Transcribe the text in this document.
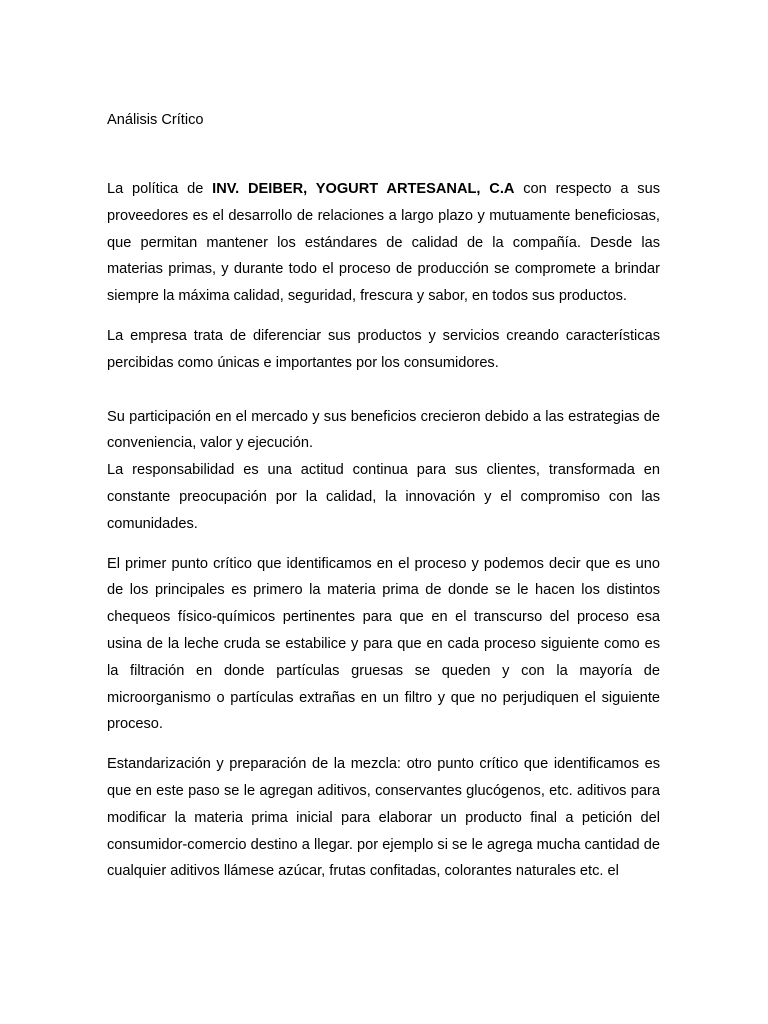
Análisis Crítico

La política de INV. DEIBER, YOGURT ARTESANAL, C.A con respecto a sus proveedores es el desarrollo de relaciones a largo plazo y mutuamente beneficiosas, que permitan mantener los estándares de calidad de la compañía. Desde las materias primas, y durante todo el proceso de producción se compromete a brindar siempre la máxima calidad, seguridad, frescura y sabor, en todos sus productos.

La empresa trata de diferenciar sus productos y servicios creando características percibidas como únicas e importantes por los consumidores.

Su participación en el mercado y sus beneficios crecieron debido a las estrategias de conveniencia, valor y ejecución.

La responsabilidad es una actitud continua para sus clientes, transformada en constante preocupación por la calidad, la innovación y el compromiso con las comunidades.

El primer punto crítico que identificamos en el proceso y podemos decir que es uno de los principales es primero la materia prima de donde se le hacen los distintos chequeos físico-químicos pertinentes para que en el transcurso del proceso esa usina de la leche cruda se estabilice y para que en cada proceso siguiente como es la filtración en donde partículas gruesas se queden y con la mayoría de microorganismo o partículas extrañas en un filtro y que no perjudiquen el siguiente proceso.

Estandarización y preparación de la mezcla: otro punto crítico que identificamos es que en este paso se le agregan aditivos, conservantes glucógenos, etc. aditivos para modificar la materia prima inicial para elaborar un producto final a petición del consumidor-comercio destino a llegar. por ejemplo si se le agrega mucha cantidad de cualquier aditivos llámese azúcar, frutas confitadas, colorantes naturales etc. el
